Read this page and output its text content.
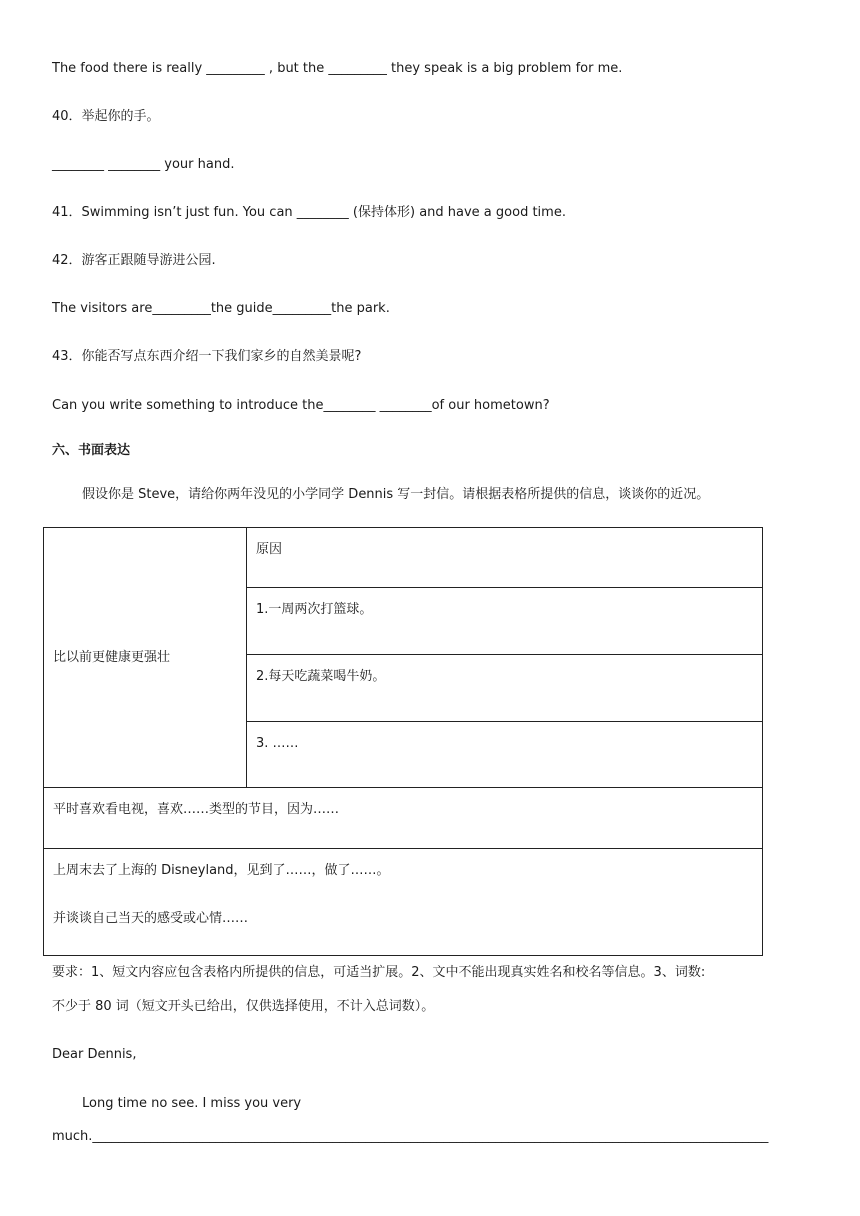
The food there is really _________ , but the _________ they speak is a big problem for me.
40．举起你的手。
________ ________ your hand.
41．Swimming isn’t just fun. You can ________ (保持体形) and have a good time.
42．游客正跟随导游进公园.
The visitors are_________the guide_________the park.
43．你能否写点东西介绍一下我们家乡的自然美景呢?
Can you write something to introduce the________ ________of our hometown?
六、书面表达
假设你是 Steve，请给你两年没见的小学同学 Dennis 写一封信。请根据表格所提供的信息，谈谈你的近况。
比以前更健康更强壮	原因
1.一周两次打篮球。
2.每天吃蔬菜喝牛奶。
3. ……
平时喜欢看电视，喜欢……类型的节目，因为……

上周末去了上海的 Disneyland，见到了……，做了……。
并谈谈自己当天的感受或心情……
要求：1、短文内容应包含表格内所提供的信息，可适当扩展。2、文中不能出现真实姓名和校名等信息。3、词数:
不少于 80 词（短文开头已给出，仅供选择使用，不计入总词数）。
Dear Dennis,
Long time no see. I miss you very
much.________________________________________________________________________________________________________
